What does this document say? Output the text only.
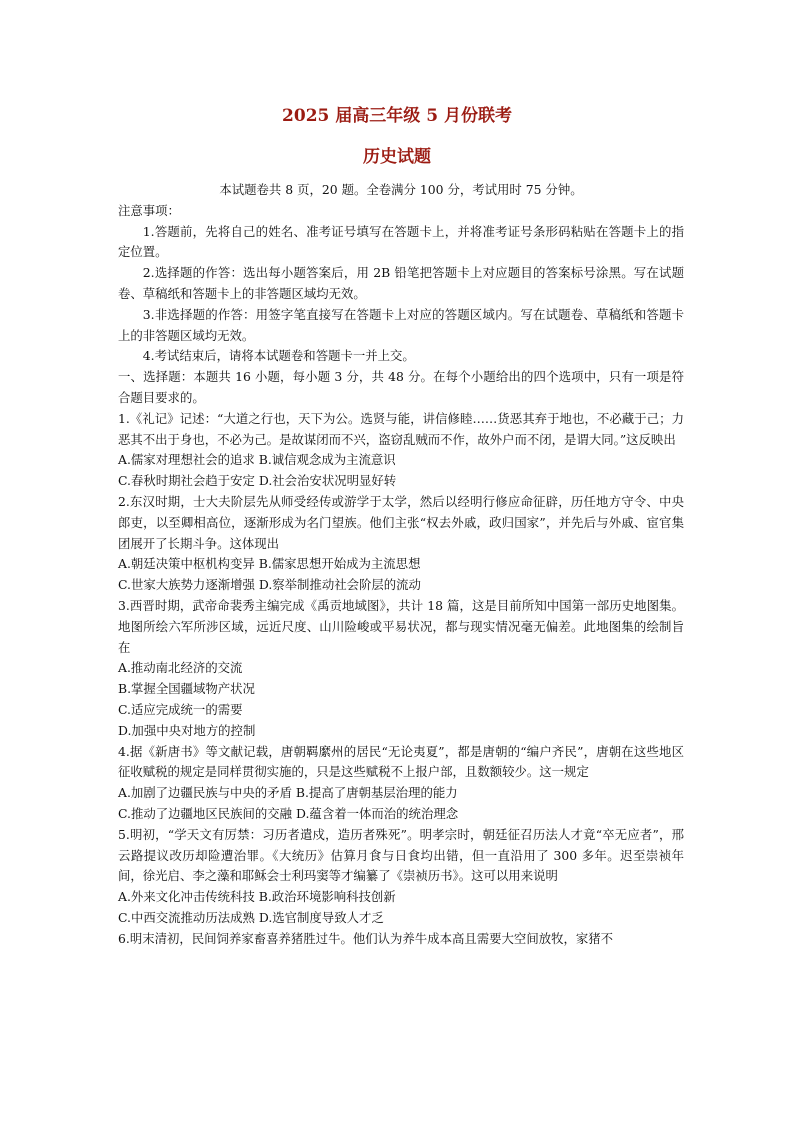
2025 届高三年级 5 月份联考
历史试题

本试题卷共 8 页，20 题。全卷满分 100 分，考试用时 75 分钟。

注意事项：

1.答题前，先将自己的姓名、准考证号填写在答题卡上，并将准考证号条形码粘贴在答题卡上的指定位置。

2.选择题的作答：选出每小题答案后，用 2B 铅笔把答题卡上对应题目的答案标号涂黑。写在试题卷、草稿纸和答题卡上的非答题区域均无效。

3.非选择题的作答：用签字笔直接写在答题卡上对应的答题区域内。写在试题卷、草稿纸和答题卡上的非答题区域均无效。

4.考试结束后，请将本试题卷和答题卡一并上交。

一、选择题：本题共 16 小题，每小题 3 分，共 48 分。在每个小题给出的四个选项中，只有一项是符合题目要求的。

1.《礼记》记述：“大道之行也，天下为公。选贤与能，讲信修睦……货恶其弃于地也，不必藏于己；力恶其不出于身也，不必为己。是故谋闭而不兴，盗窃乱贼而不作，故外户而不闭，是谓大同。”这反映出

A.儒家对理想社会的追求 B.诚信观念成为主流意识

C.春秋时期社会趋于安定 D.社会治安状况明显好转

2.东汉时期，士大夫阶层先从师受经传或游学于太学，然后以经明行修应命征辟，历任地方守令、中央郎吏，以至卿相高位，逐渐形成为名门望族。他们主张“权去外戚，政归国家”，并先后与外戚、宦官集团展开了长期斗争。这体现出

A.朝廷决策中枢机构变异 B.儒家思想开始成为主流思想

C.世家大族势力逐渐增强 D.察举制推动社会阶层的流动

3.西晋时期，武帝命裴秀主编完成《禹贡地域图》，共计 18 篇，这是目前所知中国第一部历史地图集。地图所绘六军所涉区域，远近尺度、山川险峻或平易状况，都与现实情况毫无偏差。此地图集的绘制旨在

A.推动南北经济的交流

B.掌握全国疆域物产状况

C.适应完成统一的需要

D.加强中央对地方的控制

4.据《新唐书》等文献记载，唐朝羁縻州的居民“无论夷夏”，都是唐朝的“编户齐民”，唐朝在这些地区征收赋税的规定是同样贯彻实施的，只是这些赋税不上报户部，且数额较少。这一规定

A.加剧了边疆民族与中央的矛盾 B.提高了唐朝基层治理的能力

C.推动了边疆地区民族间的交融 D.蕴含着一体而治的统治理念

5.明初，“学天文有厉禁：习历者遣戍，造历者殊死”。明孝宗时，朝廷征召历法人才竟“卒无应者”，邢云路提议改历却险遭治罪。《大统历》估算月食与日食均出错，但一直沿用了 300 多年。迟至崇祯年间，徐光启、李之藻和耶稣会士利玛窦等才编纂了《崇祯历书》。这可以用来说明

A.外来文化冲击传统科技 B.政治环境影响科技创新

C.中西交流推动历法成熟 D.选官制度导致人才乏

6.明末清初，民间饲养家畜喜养猪胜过牛。他们认为养牛成本高且需要大空间放牧，家猪不
